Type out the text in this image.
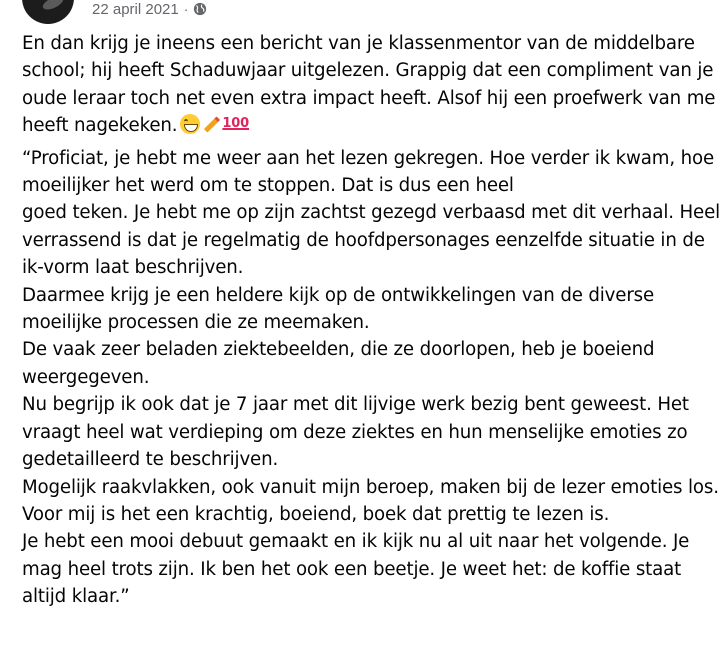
22 april 2021 ·

En dan krijg je ineens een bericht van je klassenmentor van de middelbare school; hij heeft Schaduwjaar uitgelezen. Grappig dat een compliment van je oude leraar toch net even extra impact heeft. Alsof hij een proefwerk van me heeft nagekeken.	100

“Proficiat, je hebt me weer aan het lezen gekregen. Hoe verder ik kwam, hoe moeilijker het werd om te stoppen. Dat is dus een heel

goed teken. Je hebt me op zijn zachtst gezegd verbaasd met dit verhaal. Heel verrassend is dat je regelmatig de hoofdpersonages eenzelfde situatie in de ik-vorm laat beschrijven.

Daarmee krijg je een heldere kijk op de ontwikkelingen van de diverse moeilijke processen die ze meemaken.

De vaak zeer beladen ziektebeelden, die ze doorlopen, heb je boeiend weergegeven.

Nu begrijp ik ook dat je 7 jaar met dit lijvige werk bezig bent geweest. Het vraagt heel wat verdieping om deze ziektes en hun menselijke emoties zo gedetailleerd te beschrijven.

Mogelijk raakvlakken, ook vanuit mijn beroep, maken bij de lezer emoties los. Voor mij is het een krachtig, boeiend, boek dat prettig te lezen is.

Je hebt een mooi debuut gemaakt en ik kijk nu al uit naar het volgende. Je mag heel trots zijn. Ik ben het ook een beetje. Je weet het: de koffie staat altijd klaar.”
